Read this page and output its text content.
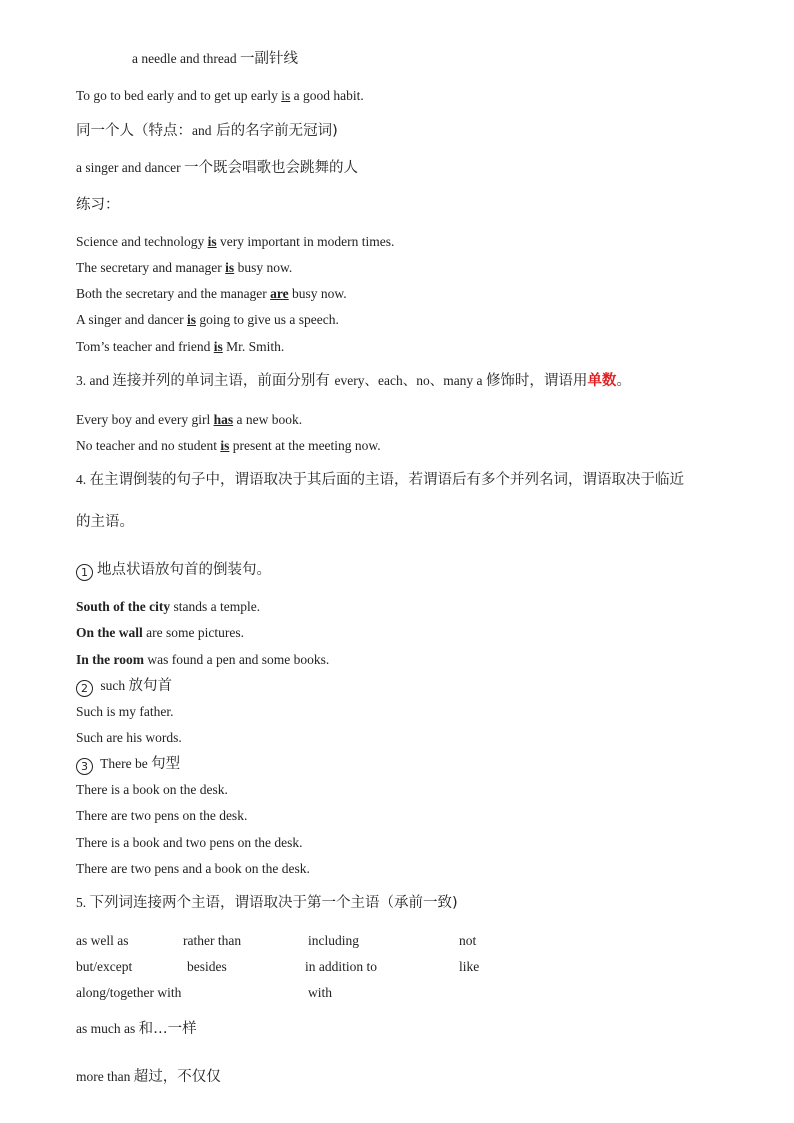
a needle and thread 一副针线
To go to bed early and to get up early is a good habit.
同一个人（特点：and 后的名字前无冠词)
a singer and dancer 一个既会唱歌也会跳舞的人
练习：
Science and technology is very important in modern times.
The secretary and manager is busy now.
Both the secretary and the manager are busy now.
A singer and dancer is going to give us a speech.
Tom’s teacher and friend is Mr. Smith.
3. and 连接并列的单词主语，前面分别有 every、each、no、many a 修饰时，谓语用单数。
Every boy and every girl has a new book.
No teacher and no student is present at the meeting now.
4. 在主谓倒装的句子中，谓语取决于其后面的主语，若谓语后有多个并列名词，谓语取决于临近
的主语。
1 地点状语放句首的倒装句。
South of the city stands a temple.
On the wall are some pictures.
In the room was found a pen and some books.
2 such 放句首
Such is my father.
Such are his words.
3 There be 句型
There is a book on the desk.
There are two pens on the desk.
There is a book and two pens on the desk.
There are two pens and a book on the desk.
5. 下列词连接两个主语，谓语取决于第一个主语（承前一致)
as well as	rather than	including	not
but/except	besides	in addition to	like
along/together with	with
as much as 和…一样
more than 超过，不仅仅
